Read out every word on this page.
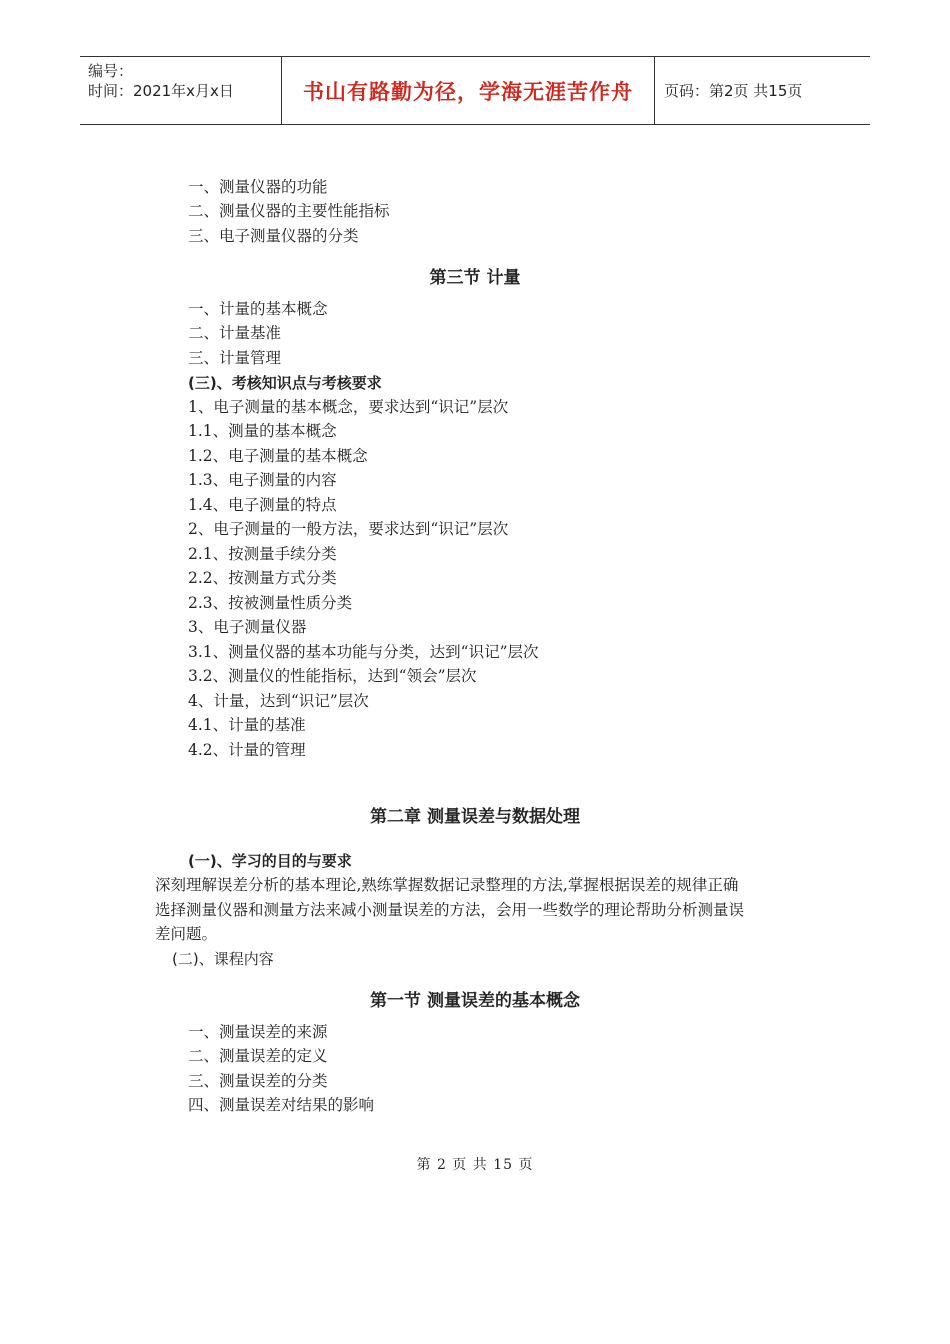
编号：
时间：2021年x月x日	书山有路勤为径，学海无涯苦作舟	页码：第2页 共15页
一、测量仪器的功能
二、测量仪器的主要性能指标
三、电子测量仪器的分类
第三节 计量
一、计量的基本概念
二、计量基准
三、计量管理
(三)、考核知识点与考核要求
1、电子测量的基本概念，要求达到“识记”层次
1.1、测量的基本概念
1.2、电子测量的基本概念
1.3、电子测量的内容
1.4、电子测量的特点
2、电子测量的一般方法，要求达到“识记”层次
2.1、按测量手续分类
2.2、按测量方式分类
2.3、按被测量性质分类
3、电子测量仪器
3.1、测量仪器的基本功能与分类，达到“识记”层次
3.2、测量仪的性能指标，达到“领会”层次
4、计量，达到“识记”层次
4.1、计量的基准
4.2、计量的管理
第二章 测量误差与数据处理
(一)、学习的目的与要求
深刻理解误差分析的基本理论,熟练掌握数据记录整理的方法,掌握根据误差的规律正确
选择测量仪器和测量方法来减小测量误差的方法，会用一些数学的理论帮助分析测量误
差问题。
(二)、课程内容
第一节 测量误差的基本概念
一、测量误差的来源
二、测量误差的定义
三、测量误差的分类
四、测量误差对结果的影响
第 2 页 共 15 页
